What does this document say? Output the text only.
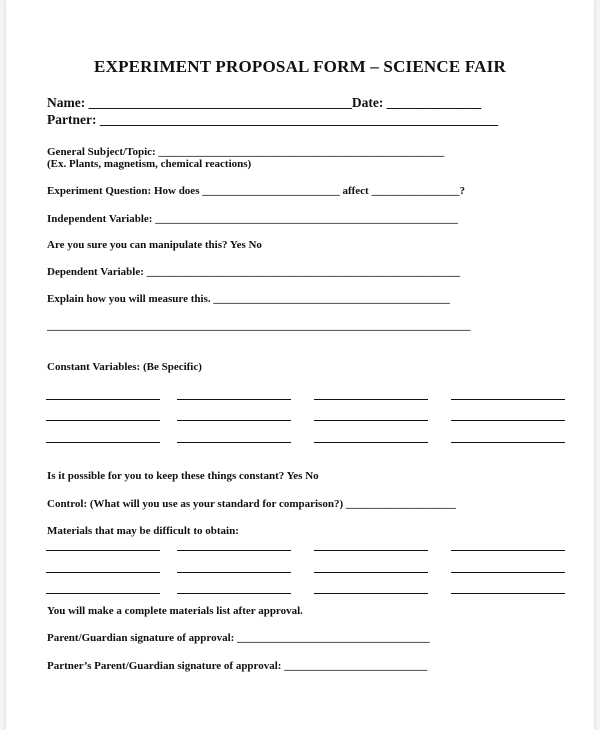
EXPERIMENT PROPOSAL FORM – SCIENCE FAIR
Name: _______________________________________Date: ______________
Partner: ___________________________________________________________
General Subject/Topic: ____________________________________________________
(Ex. Plants, magnetism, chemical reactions)
Experiment Question: How does _________________________ affect ________________?
Independent Variable: _______________________________________________________
Are you sure you can manipulate this? Yes No
Dependent Variable: _________________________________________________________
Explain how you will measure this. ___________________________________________
_____________________________________________________________________________
Constant Variables: (Be Specific)
Is it possible for you to keep these things constant? Yes No
Control: (What will you use as your standard for comparison?) ____________________
Materials that may be difficult to obtain:
You will make a complete materials list after approval.
Parent/Guardian signature of approval: ___________________________________
Partner’s Parent/Guardian signature of approval: __________________________
